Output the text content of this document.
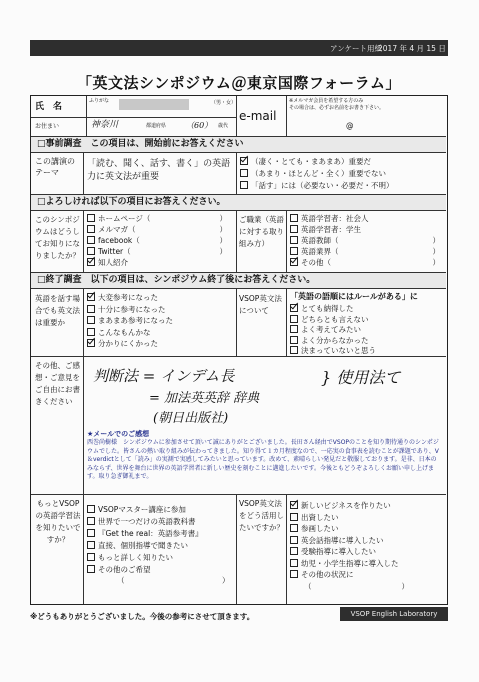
アンケート用紙
2017 年 4 月 15 日
「英文法シンポジウム＠東京国際フォーラム」
氏　名
ふりがな	（男・女）
e-mail
※メルマガ会員を希望する方のみ
その場合は、必ずお名前をお書き下さい。
@
お住まい	神奈川	都道府県 （60） 歳代
□事前調査　この項目は、開始前にお答えください
この講演のテーマ
「読む、聞く、話す、書く」の英語力に英文法が重要
（凄く・とても・まあまあ）重要だ
（あまり・ほとんど・全く）重要でない
「話す」には（必要ない・必要だ・不明）
□よろしければ以下の項目にお答えください。
このシンポジウムはどうしてお知りになりましたか？
ホームページ（	）
メルマガ（	）
facebook（	）
Twitter（	）
知人紹介
ご職業（英語に対する取り組み方）
英語学習者：社会人
英語学習者：学生
英語教師（	）
英語業界（	）
その他（	）
□終了調査　以下の項目は、シンポジウム終了後にお答えください。
英語を話す場合でも英文法は重要か
大変参考になった
十分に参考になった
まあまあ参考になった
こんなもんかな
分かりにくかった
VSOP英文法について
「英語の語順にはルールがある」に
とても納得した
どちらとも言えない
よく考えてみたい
よく分からなかった
決まっていないと思う
その他、ご感想・ご意見をご自由にお書きください
判断法 = インデム長
= 加法英英辞 辞典
(朝日出版社)
} 使用法て
★メールでのご感想
西巻尚樹様　シンポジウムに参加させて頂いて誠にありがとございました。長田さん経由でVSOPのことを知り期待通りのシンポジウムでした。皆さんの熱い取り組みが伝わってきました。知り得て１カ月程度なので、一応実の食事表を読むことが課題であり、V＆verdictとして「読み」の実測で実感してみたいと思っています。改めて、素晴らしい発見だと敬服しております。是非、日本のみならず、世界を舞台に世界の英語学習者に新しい歴史を刻むことに邁進したいです。今後ともどうぞよろしくお願い申し上げます。取り急ぎ御礼まで。
もっとVSOPの英語学習法を知りたいですか？
VSOPマスター講座に参加
世界で一つだけの英語教科書
『Get the real：英語参考書』
直接、個別指導で聞きたい
もっと詳しく知りたい
その他のご希望
（　　　　　　　　　　　　　）
VSOP英文法をどう活用したいですか？
新しいビジネスを作りたい
出資したい
参画したい
英会話指導に導入したい
受験指導に導入したい
幼児・小学生指導に導入した
その他の状況に
（　　　　　　　　　　　　）
※どうもありがとうございました。今後の参考にさせて頂きます。	VSOP English Laboratory
